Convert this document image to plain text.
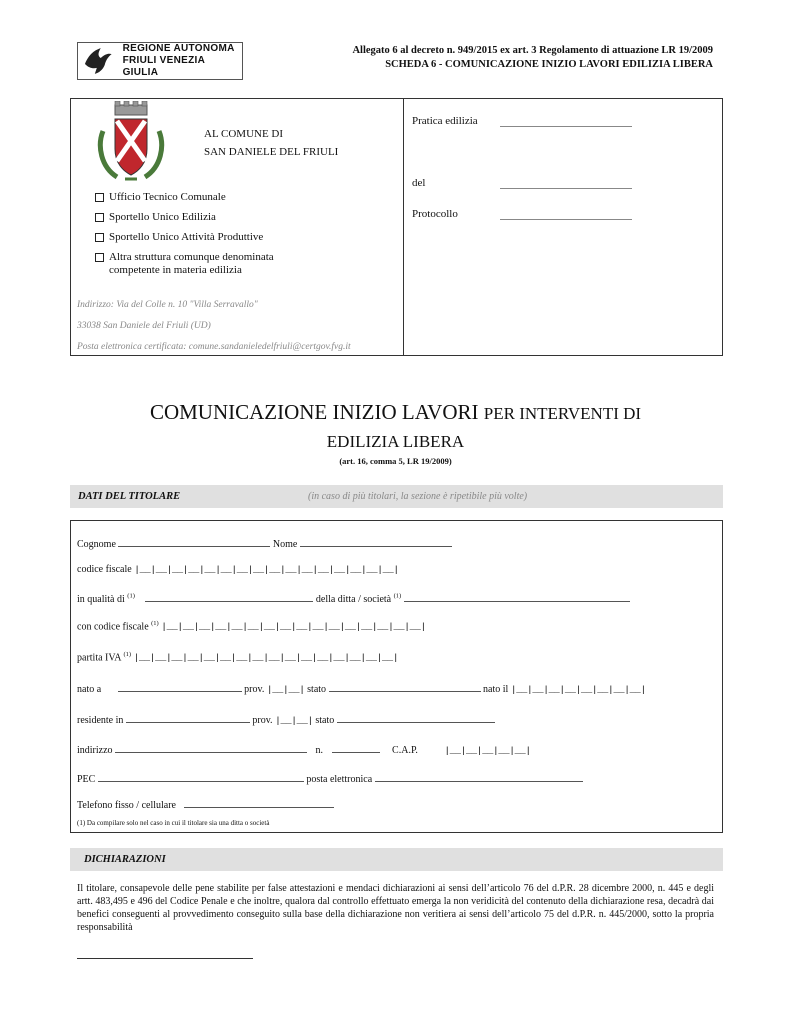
REGIONE AUTONOMA
FRIULI VENEZIA GIULIA
Allegato 6 al decreto n. 949/2015 ex art. 3 Regolamento di attuazione LR 19/2009
SCHEDA 6 - COMUNICAZIONE INIZIO LAVORI EDILIZIA LIBERA
AL COMUNE DI
SAN DANIELE DEL FRIULI
Ufficio Tecnico Comunale
Sportello Unico Edilizia
Sportello Unico Attività Produttive
Altra struttura comunque denominata competente in materia edilizia
Indirizzo: Via del Colle n. 10 "Villa Serravallo"
33038 San Daniele del Friuli (UD)
Posta elettronica certificata: comune.sandanieledelfriuli@certgov.fvg.it
Pratica edilizia
del
Protocollo
COMUNICAZIONE INIZIO LAVORI PER INTERVENTI DI
EDILIZIA LIBERA
(art. 16, comma 5, LR 19/2009)
DATI DEL TITOLARE	(in caso di più titolari, la sezione è ripetibile più volte)
Cognome	Nome
codice fiscale |__|__|__|__|__|__|__|__|__|__|__|__|__|__|__|__|
in qualità di $^{(1)}$	della ditta / società $^{(1)}$
con codice fiscale $^{(1)}$ |__|__|__|__|__|__|__|__|__|__|__|__|__|__|__|__|
partita IVA $^{(1)}$ |__|__|__|__|__|__|__|__|__|__|__|__|__|__|__|__|
nato a	prov. |__|__| stato	nato il |__|__|__|__|__|__|__|__|
residente in	prov. |__|__| stato
indirizzo	n.	C.A.P.	|__|__|__|__|__|
PEC	posta elettronica
Telefono fisso / cellulare
(1) Da compilare solo nel caso in cui il titolare sia una ditta o società
DICHIARAZIONI
Il titolare, consapevole delle pene stabilite per false attestazioni e mendaci dichiarazioni ai sensi dell’articolo 76 del d.P.R. 28 dicembre 2000, n. 445 e degli artt. 483,495 e 496 del Codice Penale e che inoltre, qualora dal controllo effettuato emerga la non veridicità del contenuto della dichiarazione resa, decadrà dai benefici conseguenti al provvedimento conseguito sulla base della dichiarazione non veritiera ai sensi dell’articolo 75 del d.P.R. n. 445/2000, sotto la propria responsabilità
